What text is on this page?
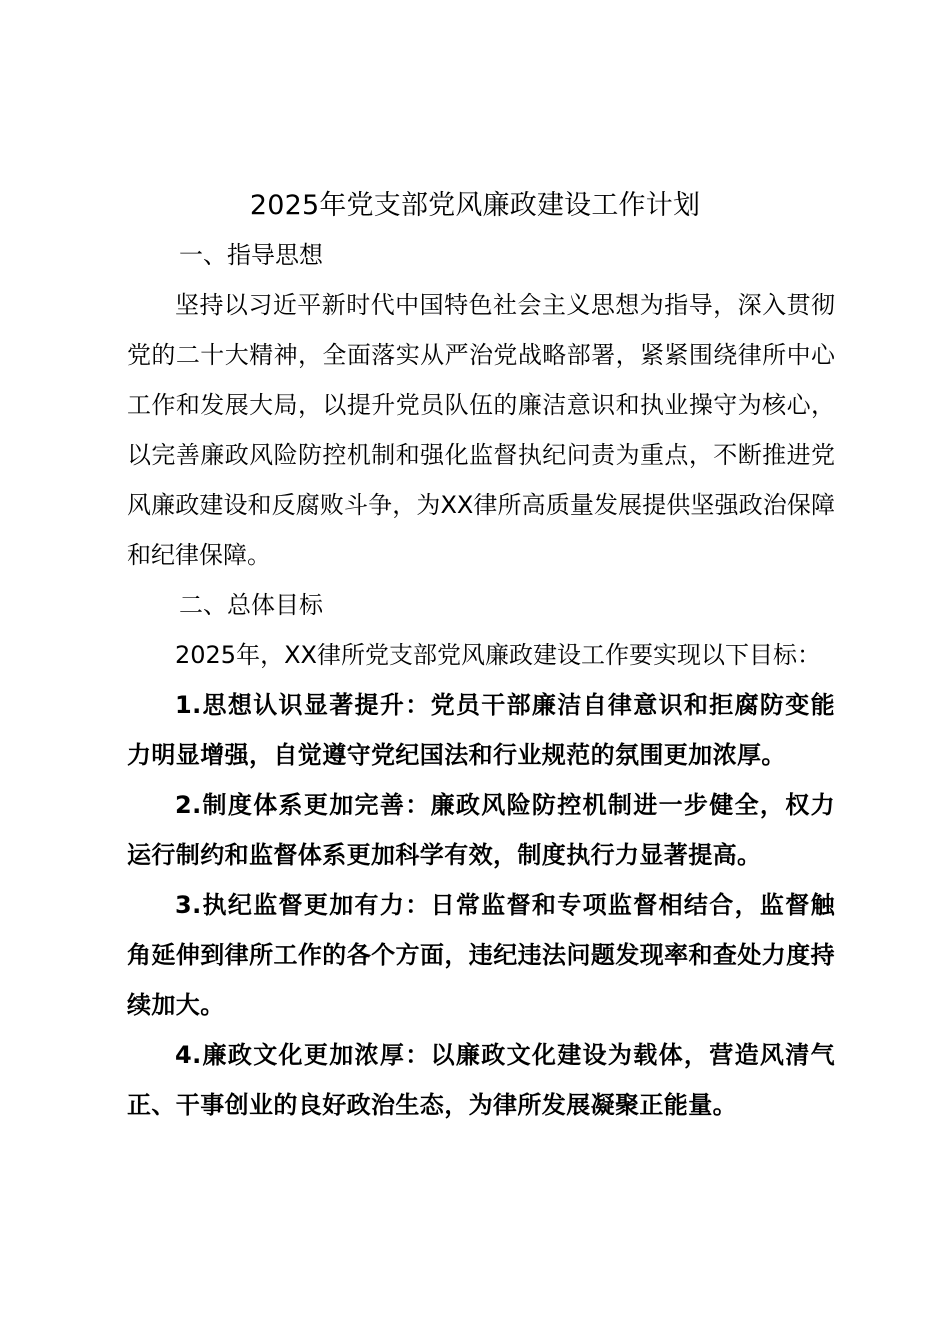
2025年党支部党风廉政建设工作计划

一、指导思想

坚持以习近平新时代中国特色社会主义思想为指导，深入贯彻党的二十大精神，全面落实从严治党战略部署，紧紧围绕律所中心工作和发展大局，以提升党员队伍的廉洁意识和执业操守为核心，以完善廉政风险防控机制和强化监督执纪问责为重点，不断推进党风廉政建设和反腐败斗争，为XX律所高质量发展提供坚强政治保障和纪律保障。

二、总体目标

2025年，XX律所党支部党风廉政建设工作要实现以下目标：

1.思想认识显著提升：党员干部廉洁自律意识和拒腐防变能力明显增强，自觉遵守党纪国法和行业规范的氛围更加浓厚。

2.制度体系更加完善：廉政风险防控机制进一步健全，权力运行制约和监督体系更加科学有效，制度执行力显著提高。

3.执纪监督更加有力：日常监督和专项监督相结合，监督触角延伸到律所工作的各个方面，违纪违法问题发现率和查处力度持续加大。

4.廉政文化更加浓厚：以廉政文化建设为载体，营造风清气正、干事创业的良好政治生态，为律所发展凝聚正能量。
